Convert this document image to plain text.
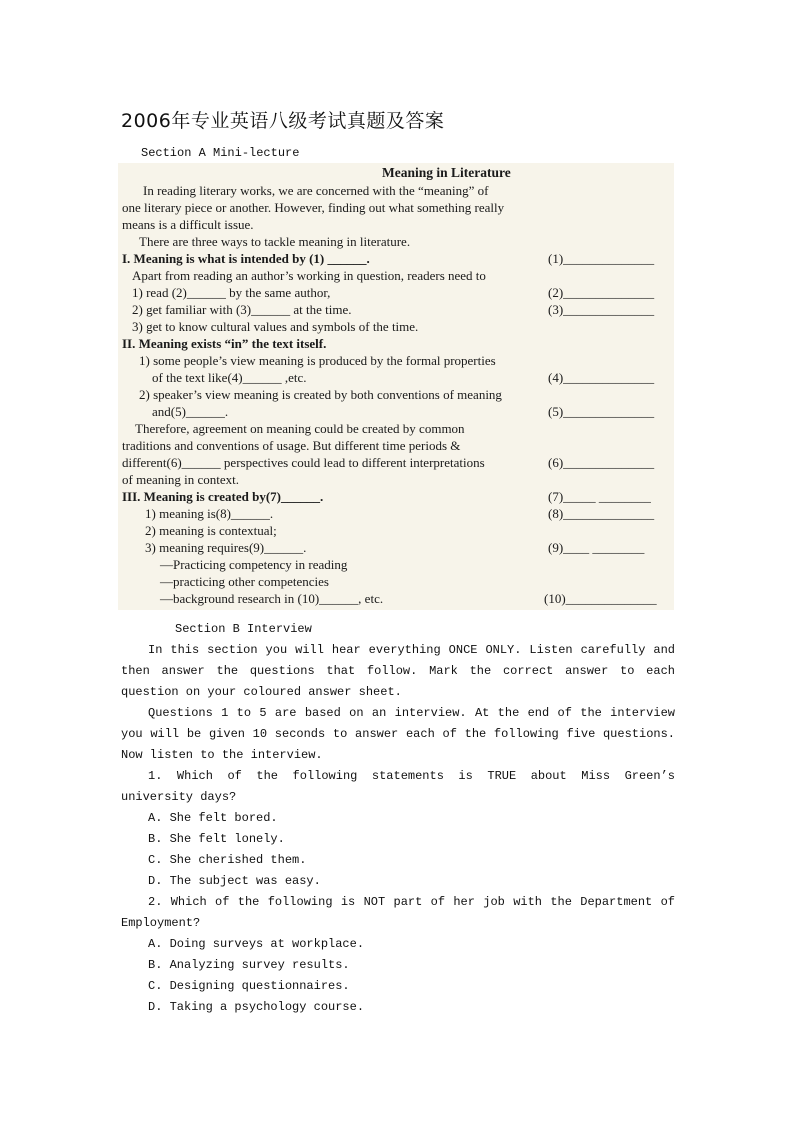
2006年专业英语八级考试真题及答案
Section A Mini-lecture
Meaning in Literature
In reading literary works, we are concerned with the “meaning” of
one literary piece or another. However, finding out what something really
means is a difficult issue.
There are three ways to tackle meaning in literature.
I. Meaning is what is intended by (1) ______.
Apart from reading an author’s working in question, readers need to
1) read (2)______ by the same author,
2) get familiar with (3)______ at the time.
3) get to know cultural values and symbols of the time.
II. Meaning exists “in” the text itself.
1) some people’s view meaning is produced by the formal properties
of the text like(4)______ ,etc.
2) speaker’s view meaning is created by both conventions of meaning
and(5)______.
Therefore, agreement on meaning could be created by common
traditions and conventions of usage. But different time periods &
different(6)______ perspectives could lead to different interpretations
of meaning in context.
III. Meaning is created by(7)______.
1) meaning is(8)______.
2) meaning is contextual;
3) meaning requires(9)______.
—Practicing competency in reading
—practicing other competencies
—background research in (10)______, etc.
(1)______________
(2)______________
(3)______________
(4)______________
(5)______________
(6)______________
(7)_____ ________
(8)______________
(9)____ ________
(10)______________

Section B Interview

In this section you will hear everything ONCE ONLY. Listen carefully and then answer the questions that follow. Mark the correct answer to each question on your coloured answer sheet.

Questions 1 to 5 are based on an interview. At the end of the interview you will be given 10 seconds to answer each of the following five questions. Now listen to the interview.

1. Which of the following statements is TRUE about Miss Green’s university days?

A. She felt bored.

B. She felt lonely.

C. She cherished them.

D. The subject was easy.

2. Which of the following is NOT part of her job with the Department of Employment?

A. Doing surveys at workplace.

B. Analyzing survey results.

C. Designing questionnaires.

D. Taking a psychology course.
